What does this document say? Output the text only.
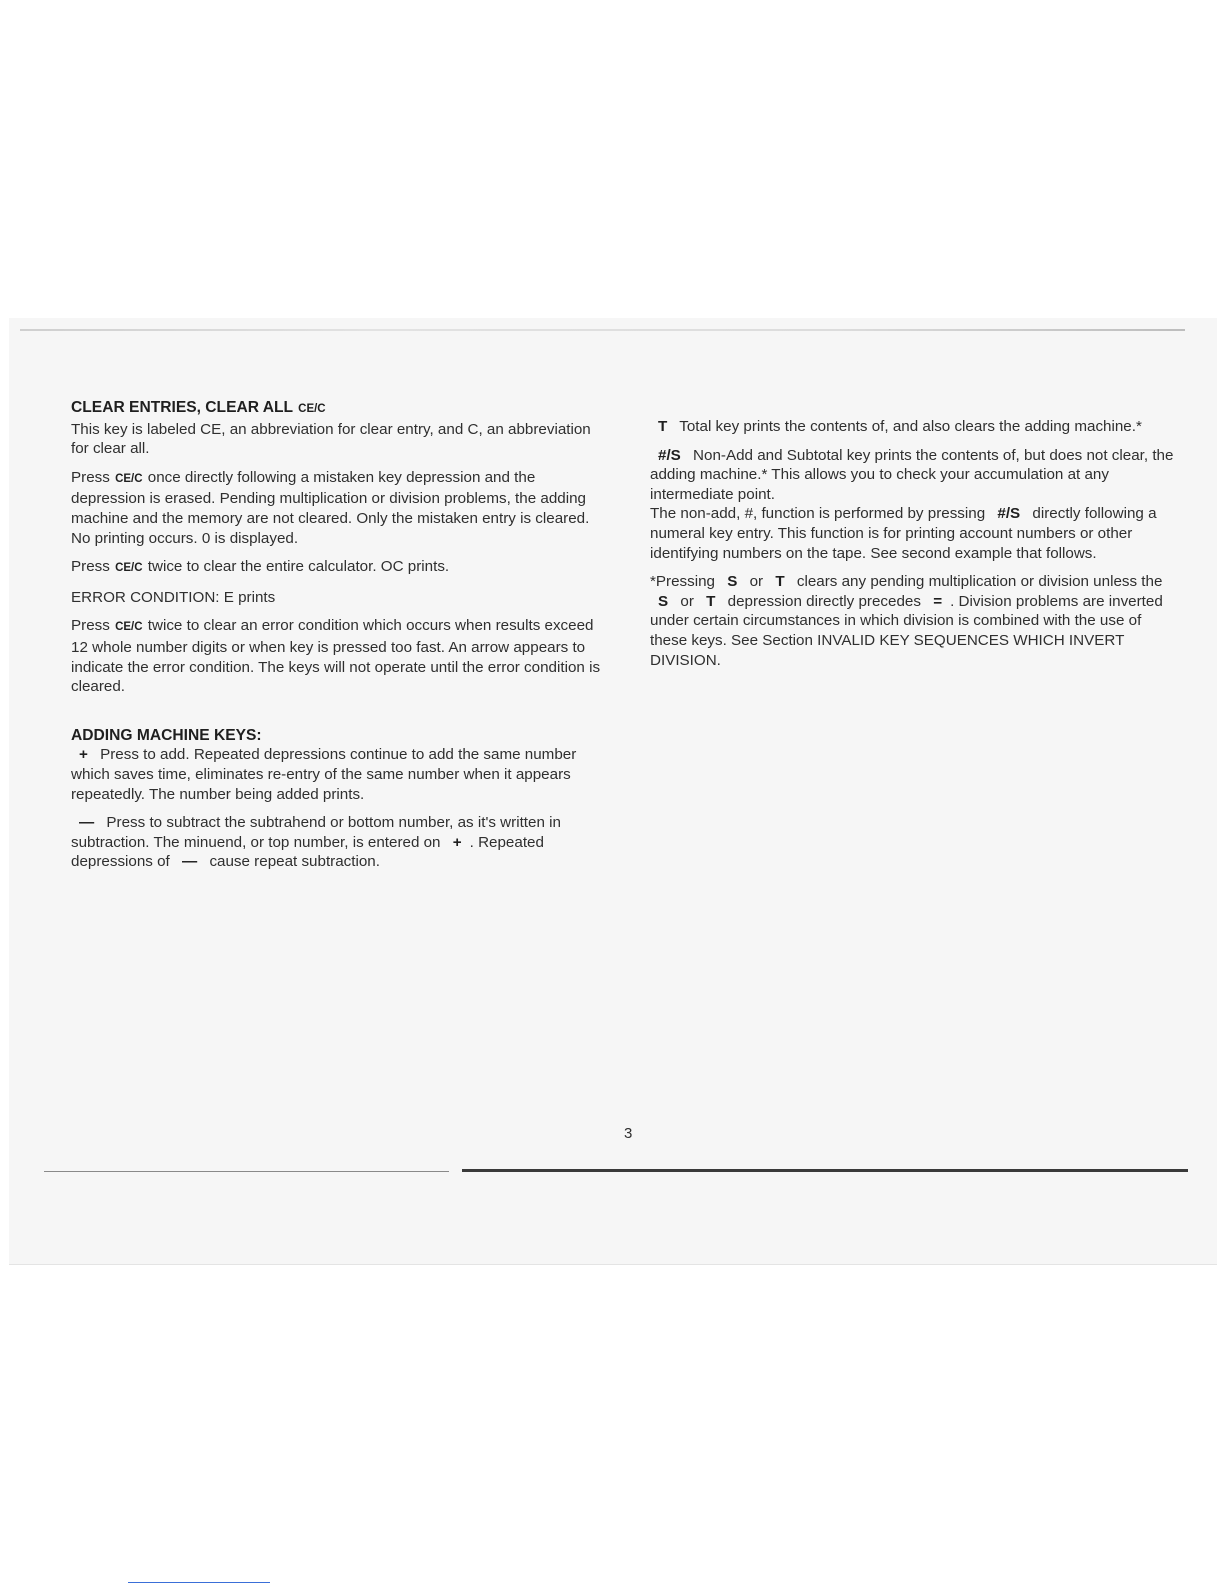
CLEAR ENTRIES, CLEAR ALL CE/C

This key is labeled CE, an abbreviation for clear entry, and C, an abbreviation for clear all.

Press CE/C once directly following a mistaken key depression and the depression is erased. Pending multiplication or division problems, the adding machine and the memory are not cleared. Only the mistaken entry is cleared. No printing occurs. 0 is displayed.

Press CE/C twice to clear the entire calculator. OC prints.

ERROR CONDITION: E prints

Press CE/C twice to clear an error condition which occurs when results exceed 12 whole number digits or when key is pressed too fast. An arrow appears to indicate the error condition. The keys will not operate until the error condition is cleared.

ADDING MACHINE KEYS:

+ Press to add. Repeated depressions continue to add the same number which saves time, eliminates re-entry of the same number when it appears repeatedly. The number being added prints.

— Press to subtract the subtrahend or bottom number, as it's written in subtraction. The minuend, or top number, is entered on + . Repeated depressions of — cause repeat subtraction.

T Total key prints the contents of, and also clears the adding machine.*

#/S Non-Add and Subtotal key prints the contents of, but does not clear, the adding machine.* This allows you to check your accumulation at any intermediate point.

The non-add, #, function is performed by pressing #/S directly following a numeral key entry. This function is for printing account numbers or other identifying numbers on the tape. See second example that follows.

*Pressing S or T clears any pending multiplication or division unless the S or T depression directly precedes = . Division problems are inverted under certain circumstances in which division is combined with the use of these keys. See Section INVALID KEY SEQUENCES WHICH INVERT DIVISION.

3
